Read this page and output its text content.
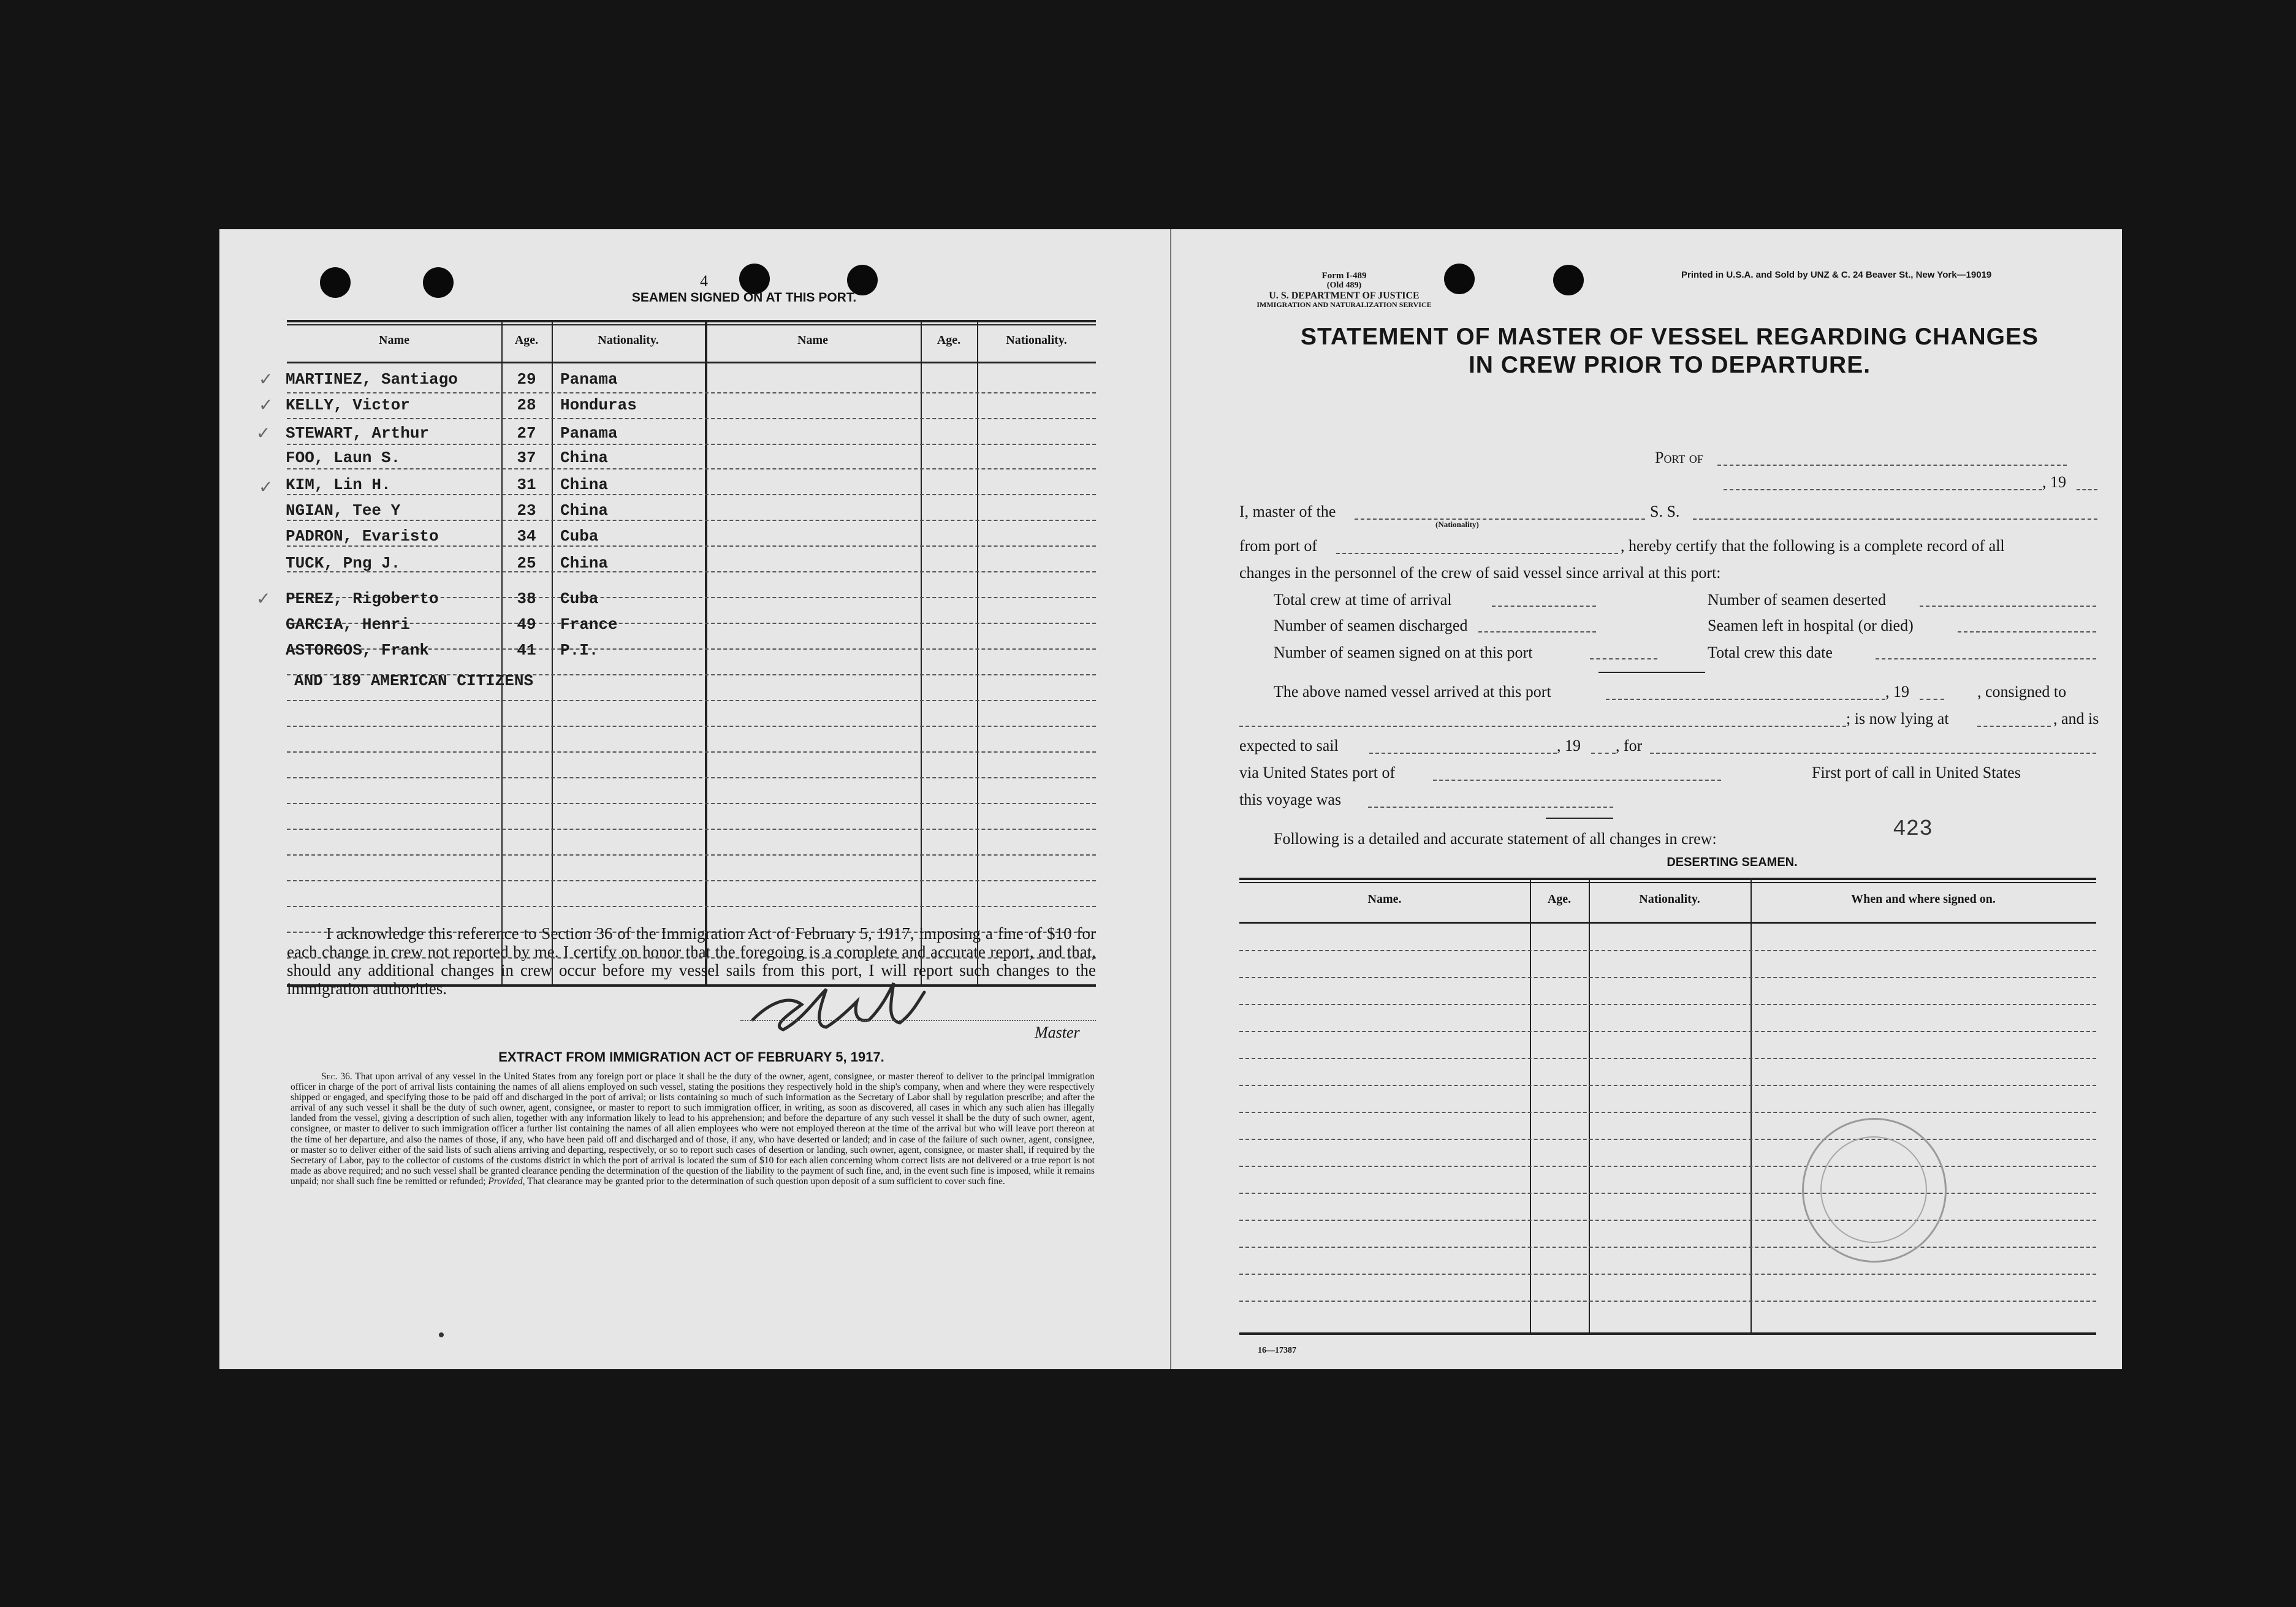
4
SEAMEN SIGNED ON AT THIS PORT.
Name	Age.	Nationality.	Name	Age.	Nationality.
✓
✓
✓
✓
✓
MARTINEZ, Santiago	29	Panama
KELLY, Victor	28	Honduras
STEWART, Arthur	27	Panama
FOO, Laun S.	37	China
KIM, Lin H.	31	China
NGIAN, Tee Y	23	China
PADRON, Evaristo	34	Cuba
TUCK, Png J.	25	China
PEREZ, Rigoberto	38	Cuba
GARCIA, Henri	49	France
ASTORGOS, Frank	41	P.I.
AND 189 AMERICAN CITIZENS
I acknowledge this reference to Section 36 of the Immigration Act of February 5, 1917, imposing a fine of $10 for each change in crew not reported by me. I certify on honor that the foregoing is a complete and accurate report, and that, should any additional changes in crew occur before my vessel sails from this port, I will report such changes to the immigration authorities.
Master
EXTRACT FROM IMMIGRATION ACT OF FEBRUARY 5, 1917.
Sec. 36. That upon arrival of any vessel in the United States from any foreign port or place it shall be the duty of the owner, agent, consignee, or master thereof to deliver to the principal immigration officer in charge of the port of arrival lists containing the names of all aliens employed on such vessel, stating the positions they respectively hold in the ship's company, when and where they were respectively shipped or engaged, and specifying those to be paid off and discharged in the port of arrival; or lists containing so much of such information as the Secretary of Labor shall by regulation prescribe; and after the arrival of any such vessel it shall be the duty of such owner, agent, consignee, or master to report to such immigration officer, in writing, as soon as discovered, all cases in which any such alien has illegally landed from the vessel, giving a description of such alien, together with any information likely to lead to his apprehension; and before the departure of any such vessel it shall be the duty of such owner, agent, consignee, or master to deliver to such immigration officer a further list containing the names of all alien employees who were not employed thereon at the time of the arrival but who will leave port thereon at the time of her departure, and also the names of those, if any, who have been paid off and discharged and of those, if any, who have deserted or landed; and in case of the failure of such owner, agent, consignee, or master so to deliver either of the said lists of such aliens arriving and departing, respectively, or so to report such cases of desertion or landing, such owner, agent, consignee, or master shall, if required by the Secretary of Labor, pay to the collector of customs of the customs district in which the port of arrival is located the sum of $10 for each alien concerning whom correct lists are not delivered or a true report is not made as above required; and no such vessel shall be granted clearance pending the determination of the question of the liability to the payment of such fine, and, in the event such fine is imposed, while it remains unpaid; nor shall such fine be remitted or refunded; Provided, That clearance may be granted prior to the determination of such question upon deposit of a sum sufficient to cover such fine.
Form I-489
(Old 489)
U. S. DEPARTMENT OF JUSTICE
IMMIGRATION AND NATURALIZATION SERVICE
Printed in U.S.A. and Sold by UNZ & C. 24 Beaver St., New York—19019
STATEMENT OF MASTER OF VESSEL REGARDING CHANGES
IN CREW PRIOR TO DEPARTURE.
Port of
, 19
I, master of the
(Nationality)
S. S.
from port of	, hereby certify that the following is a complete record of all
changes in the personnel of the crew of said vessel since arrival at this port:
Total crew at time of arrival	Number of seamen deserted
Number of seamen discharged	Seamen left in hospital (or died)
Number of seamen signed on at this port	Total crew this date
The above named vessel arrived at this port	, 19	, consigned to
; is now lying at	, and is
expected to sail	, 19 , for
via United States port of	First port of call in United States
this voyage was
Following is a detailed and accurate statement of all changes in crew:	423
DESERTING SEAMEN.
Name.	Age.	Nationality.	When and where signed on.
16—17387
